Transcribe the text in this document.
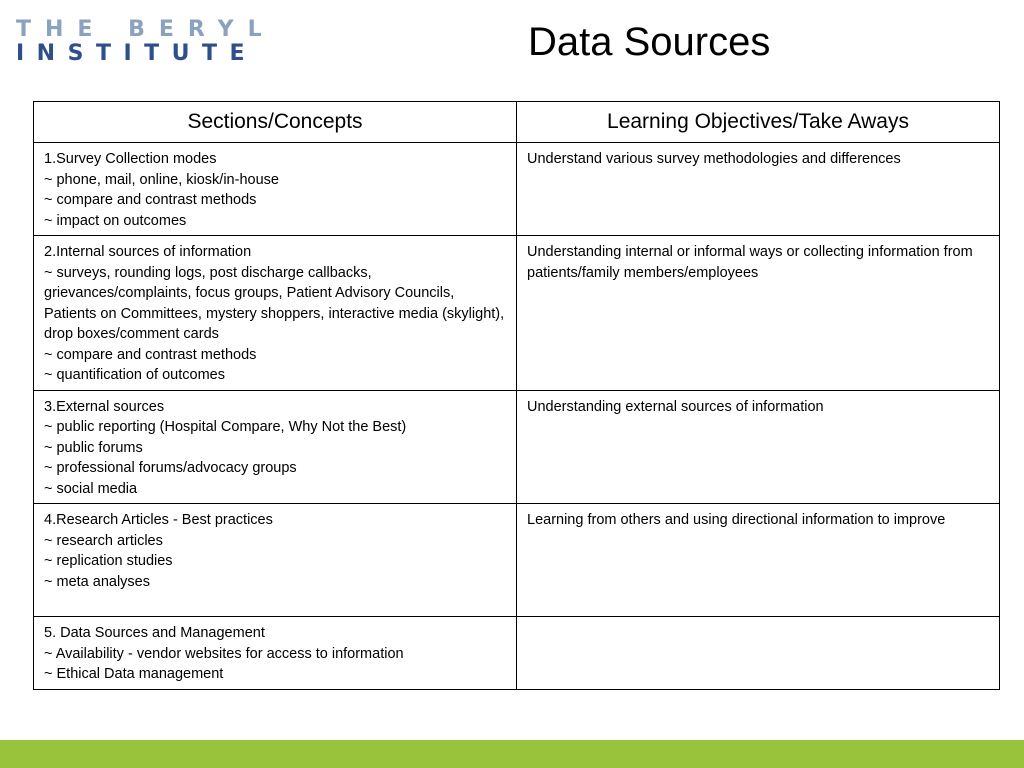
THE BERYL
INSTITUTE	Data Sources
Sections/Concepts	Learning Objectives/Take Aways

1.Survey Collection modes
~ phone, mail, online, kiosk/in-house
~ compare and contrast methods
~ impact on outcomes	Understand various survey methodologies and differences

2.Internal sources of information
~ surveys, rounding logs, post discharge callbacks, grievances/complaints, focus groups, Patient Advisory Councils, Patients on Committees, mystery shoppers, interactive media (skylight), drop boxes/comment cards
~ compare and contrast methods
~ quantification of outcomes	Understanding internal or informal ways or collecting information from patients/family members/employees

3.External sources
~ public reporting (Hospital Compare, Why Not the Best)
~ public forums
~ professional forums/advocacy groups
~ social media	Understanding external sources of information

4.Research Articles - Best practices
~ research articles
~ replication studies
~ meta analyses	Learning from others and using directional information to improve

5. Data Sources and Management
~ Availability - vendor websites for access to information
~ Ethical Data management	
